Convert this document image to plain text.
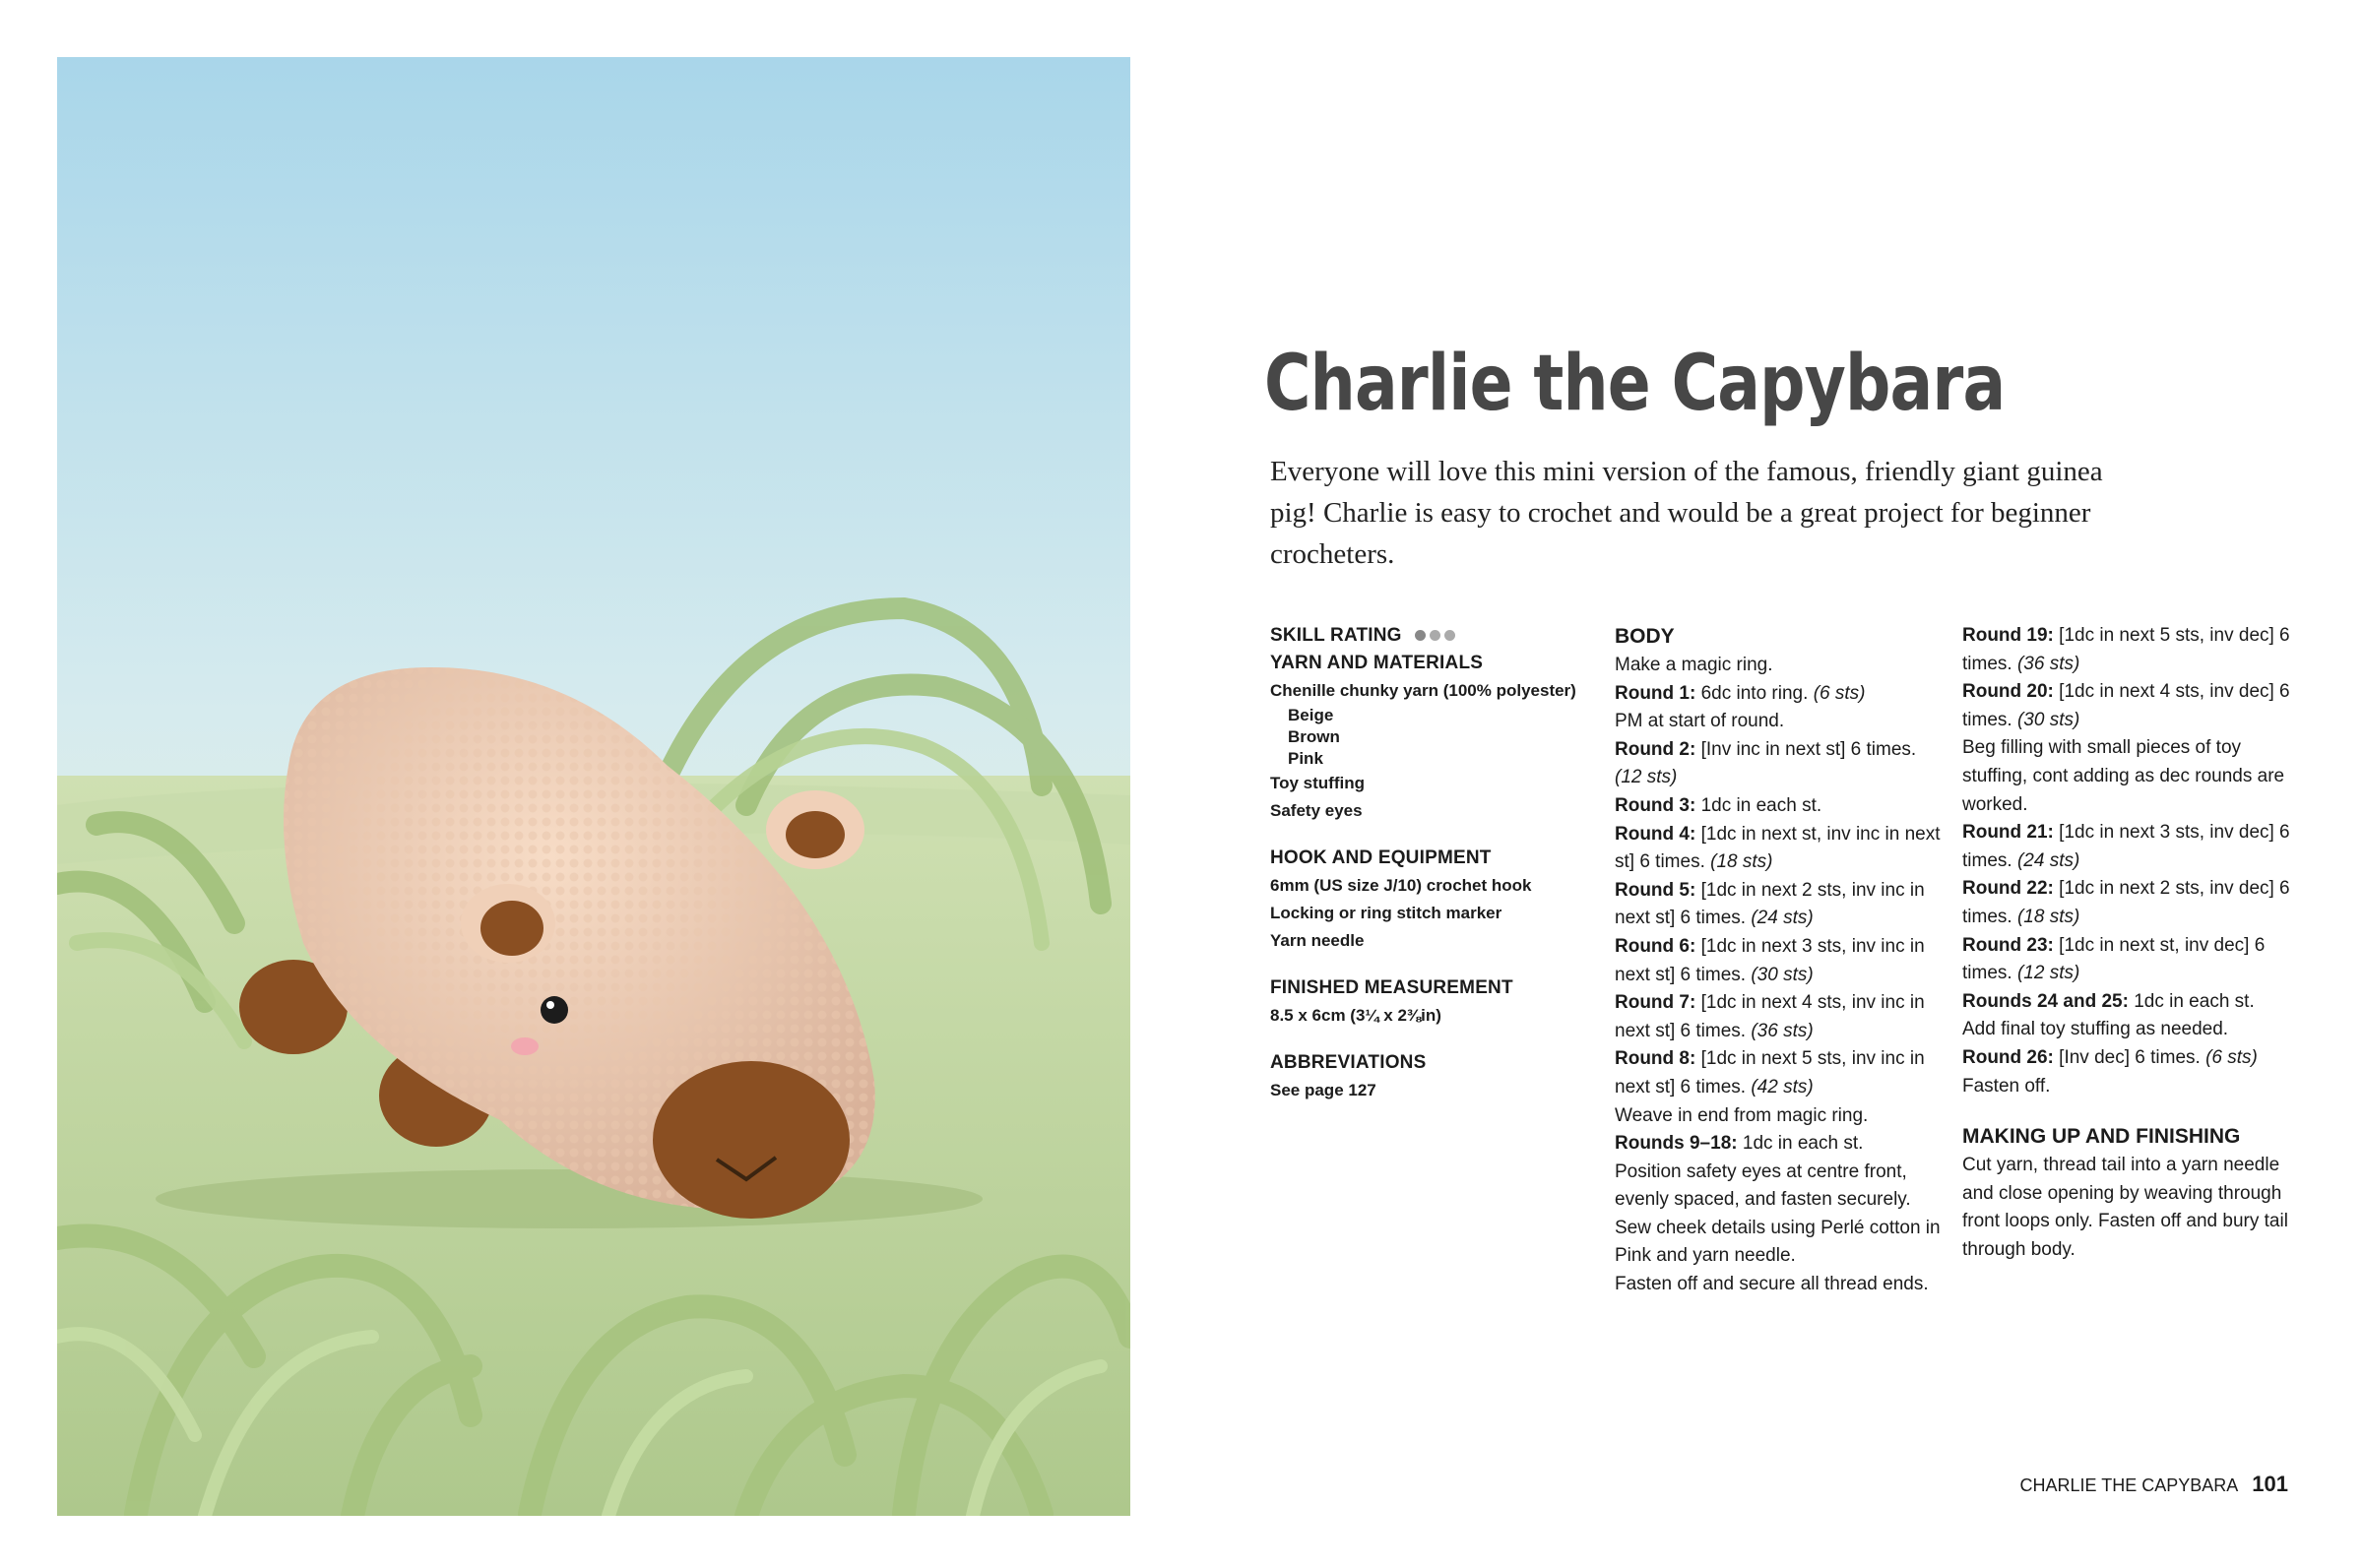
Charlie the Capybara

Everyone will love this mini version of the famous, friendly giant guinea pig! Charlie is easy to crochet and would be a great project for beginner crocheters.

SKILL RATING

YARN AND MATERIALS

Chenille chunky yarn (100% polyester)

Beige

Brown

Pink

Toy stuffing

Safety eyes

HOOK AND EQUIPMENT

6mm (US size J/10) crochet hook

Locking or ring stitch marker

Yarn needle

FINISHED MEASUREMENT

8.5 x 6cm (3¼ x 2⅜in)

ABBREVIATIONS

See page 127

BODY

Make a magic ring.

Round 1: 6dc into ring. (6 sts)

PM at start of round.

Round 2: [Inv inc in next st] 6 times. (12 sts)

Round 3: 1dc in each st.

Round 4: [1dc in next st, inv inc in next st] 6 times. (18 sts)

Round 5: [1dc in next 2 sts, inv inc in next st] 6 times. (24 sts)

Round 6: [1dc in next 3 sts, inv inc in next st] 6 times. (30 sts)

Round 7: [1dc in next 4 sts, inv inc in next st] 6 times. (36 sts)

Round 8: [1dc in next 5 sts, inv inc in next st] 6 times. (42 sts)

Weave in end from magic ring.

Rounds 9–18: 1dc in each st.

Position safety eyes at centre front, evenly spaced, and fasten securely.

Sew cheek details using Perlé cotton in Pink and yarn needle.

Fasten off and secure all thread ends.

Round 19: [1dc in next 5 sts, inv dec] 6 times. (36 sts)

Round 20: [1dc in next 4 sts, inv dec] 6 times. (30 sts)

Beg filling with small pieces of toy stuffing, cont adding as dec rounds are worked.

Round 21: [1dc in next 3 sts, inv dec] 6 times. (24 sts)

Round 22: [1dc in next 2 sts, inv dec] 6 times. (18 sts)

Round 23: [1dc in next st, inv dec] 6 times. (12 sts)

Rounds 24 and 25: 1dc in each st.

Add final toy stuffing as needed.

Round 26: [Inv dec] 6 times. (6 sts)

Fasten off.

MAKING UP AND FINISHING

Cut yarn, thread tail into a yarn needle and close opening by weaving through front loops only. Fasten off and bury tail through body.

CHARLIE THE CAPYBARA 101
